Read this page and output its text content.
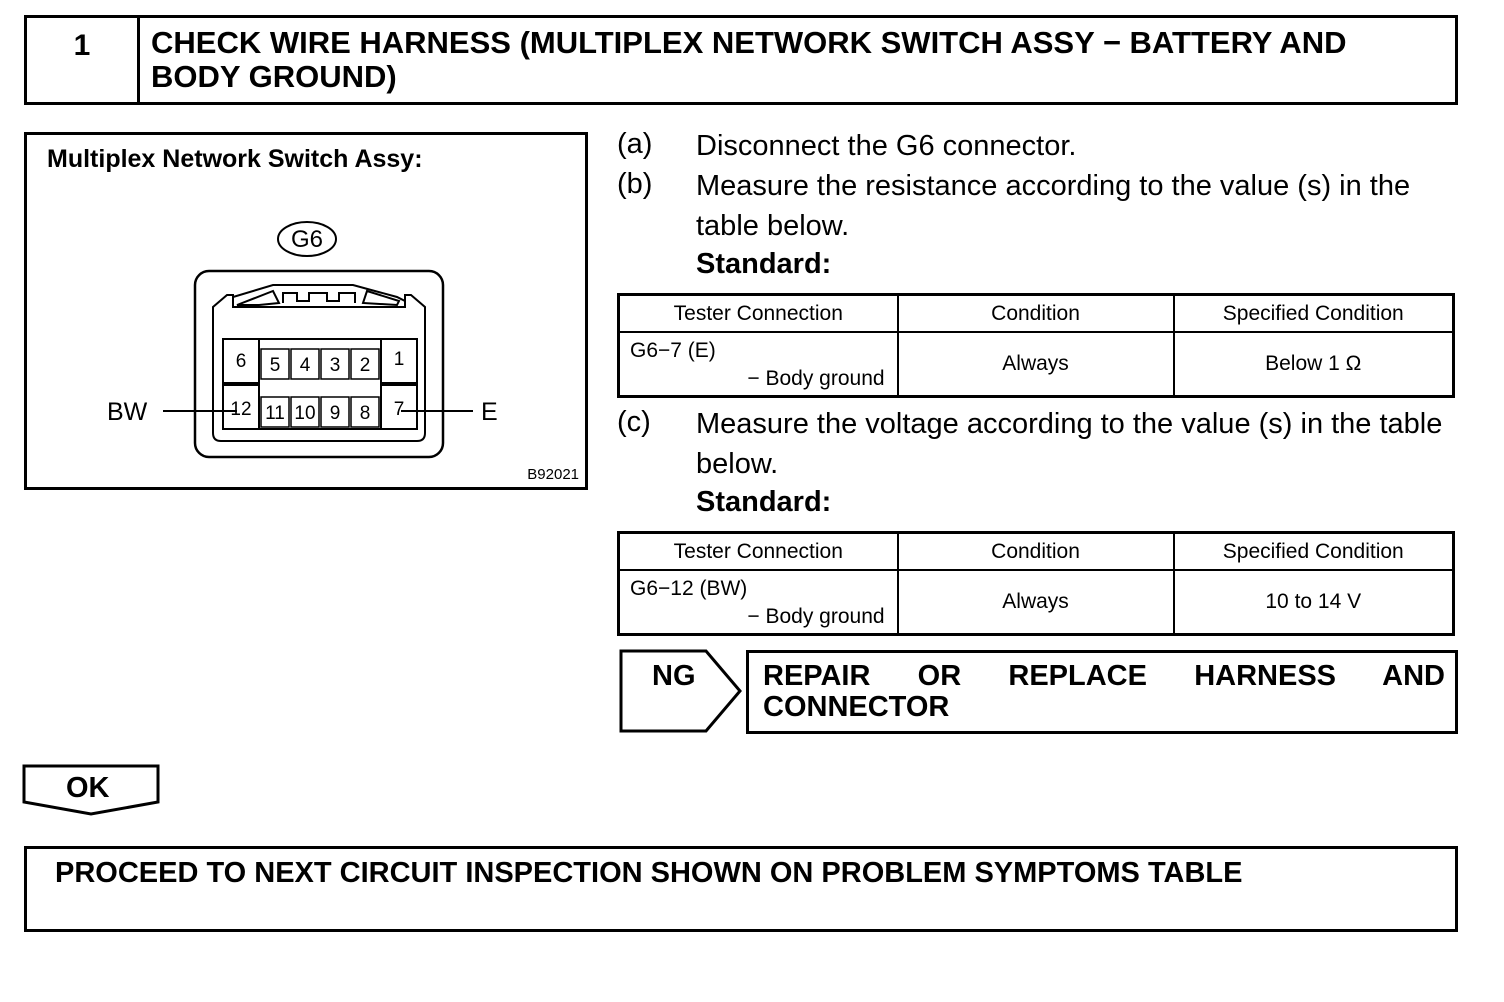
1	CHECK WIRE HARNESS (MULTIPLEX NETWORK SWITCH ASSY − BATTERY AND BODY GROUND)
Multiplex Network Switch Assy:
G6
6 5 4 3 2 1
12 11 10 9 8 7
BW	E
B92021
(a) Disconnect the G6 connector.
(b) Measure the resistance according to the value (s) in the
table below.
Standard:
Tester Connection	Condition	Specified Condition

G6−7 (E)
− Body ground	Always	Below 1 Ω
(c) Measure the voltage according to the value (s) in the table
below.
Standard:
Tester Connection	Condition	Specified Condition

G6−12 (BW)
− Body ground	Always	10 to 14 V
NG REPAIR OR REPLACE HARNESS AND
CONNECTOR
OK
PROCEED TO NEXT CIRCUIT INSPECTION SHOWN ON PROBLEM SYMPTOMS TABLE
